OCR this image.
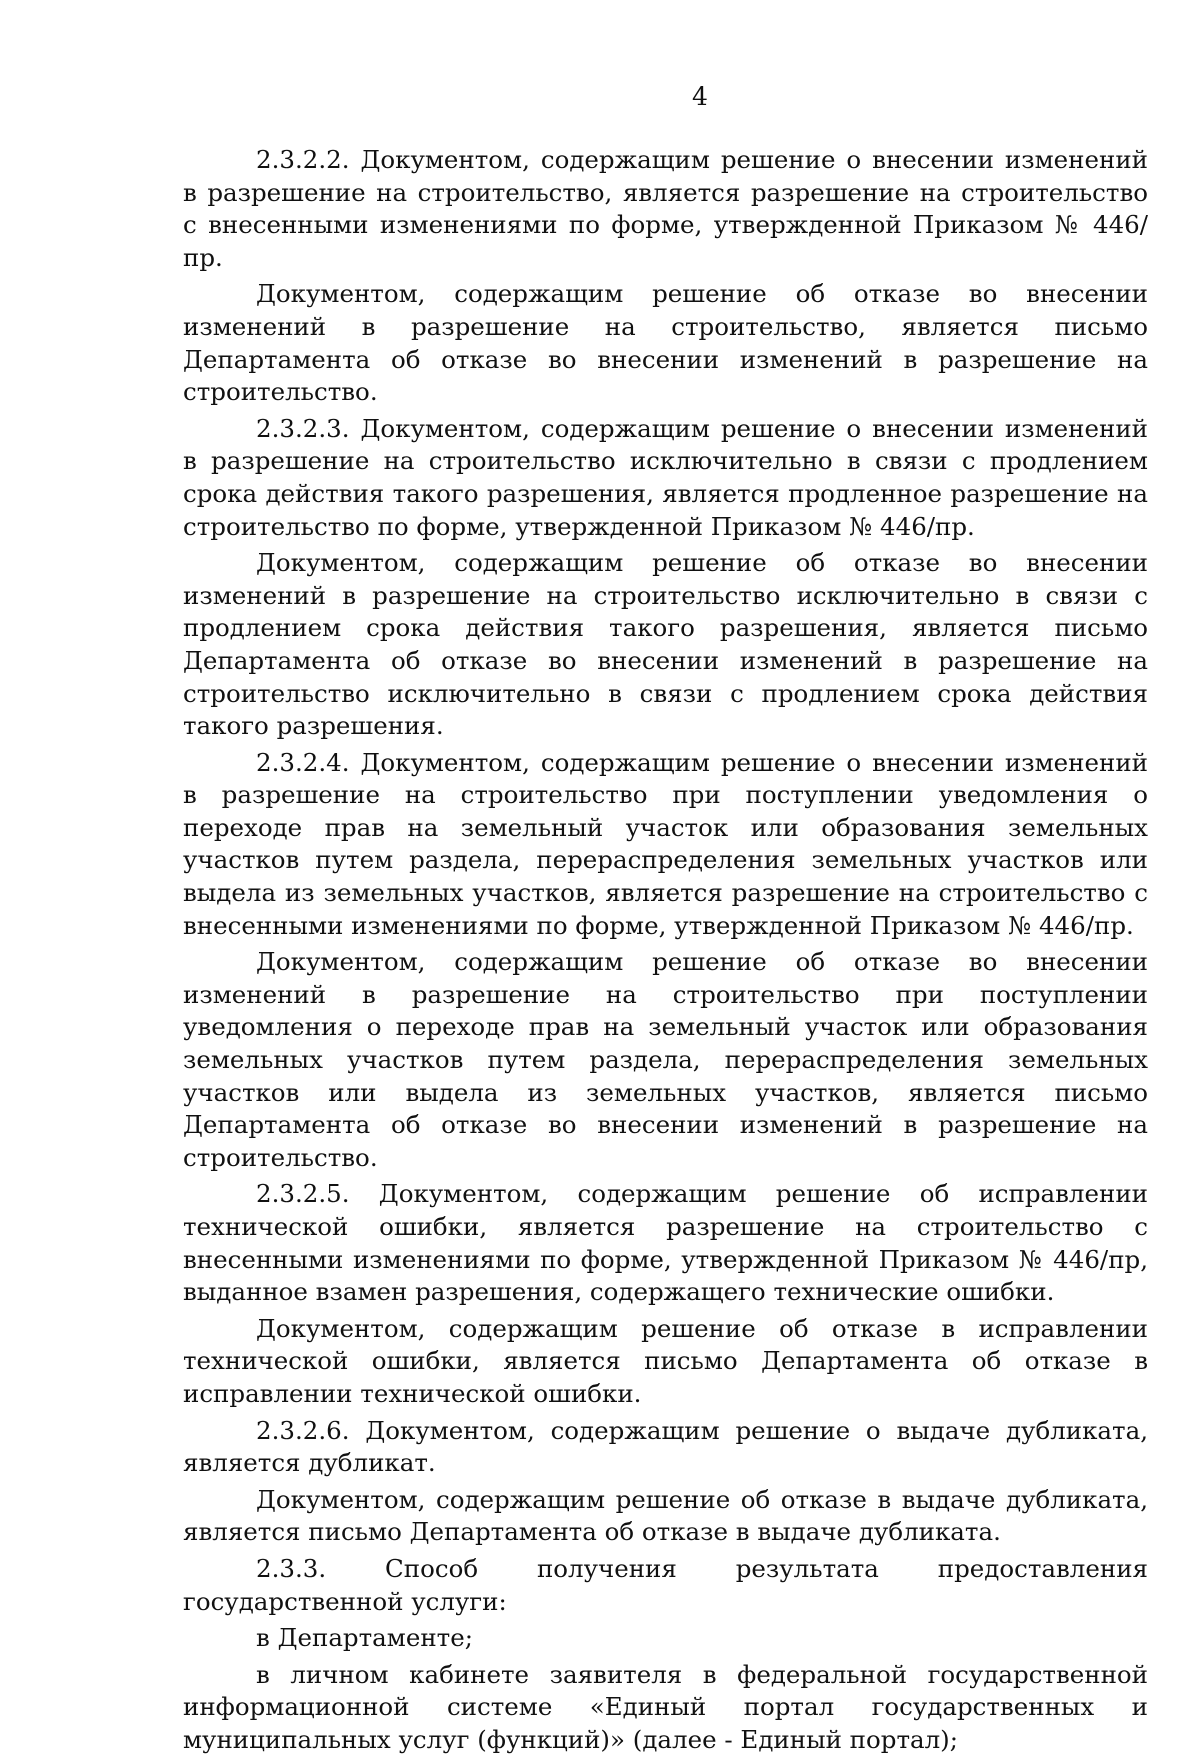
4

2.3.2.2. Документом, содержащим решение о внесении изменений в разрешение на строительство, является разрешение на строительство с внесенными изменениями по форме, утвержденной Приказом № 446/пр.

Документом, содержащим решение об отказе во внесении изменений в разрешение на строительство, является письмо Департамента об отказе во внесении изменений в разрешение на строительство.

2.3.2.3. Документом, содержащим решение о внесении изменений в разрешение на строительство исключительно в связи с продлением срока действия такого разрешения, является продленное разрешение на строительство по форме, утвержденной Приказом № 446/пр.

Документом, содержащим решение об отказе во внесении изменений в разрешение на строительство исключительно в связи с продлением срока действия такого разрешения, является письмо Департамента об отказе во внесении изменений в разрешение на строительство исключительно в связи с продлением срока действия такого разрешения.

2.3.2.4. Документом, содержащим решение о внесении изменений в разрешение на строительство при поступлении уведомления о переходе прав на земельный участок или образования земельных участков путем раздела, перераспределения земельных участков или выдела из земельных участков, является разрешение на строительство с внесенными изменениями по форме, утвержденной Приказом № 446/пр.

Документом, содержащим решение об отказе во внесении изменений в разрешение на строительство при поступлении уведомления о переходе прав на земельный участок или образования земельных участков путем раздела, перераспределения земельных участков или выдела из земельных участков, является письмо Департамента об отказе во внесении изменений в разрешение на строительство.

2.3.2.5. Документом, содержащим решение об исправлении технической ошибки, является разрешение на строительство с внесенными изменениями по форме, утвержденной Приказом № 446/пр, выданное взамен разрешения, содержащего технические ошибки.

Документом, содержащим решение об отказе в исправлении технической ошибки, является письмо Департамента об отказе в исправлении технической ошибки.

2.3.2.6. Документом, содержащим решение о выдаче дубликата, является дубликат.

Документом, содержащим решение об отказе в выдаче дубликата, является письмо Департамента об отказе в выдаче дубликата.

2.3.3. Способ получения результата предоставления государственной услуги:

в Департаменте;

в личном кабинете заявителя в федеральной государственной информационной системе «Единый портал государственных и муниципальных услуг (функций)» (далее - Единый портал);
